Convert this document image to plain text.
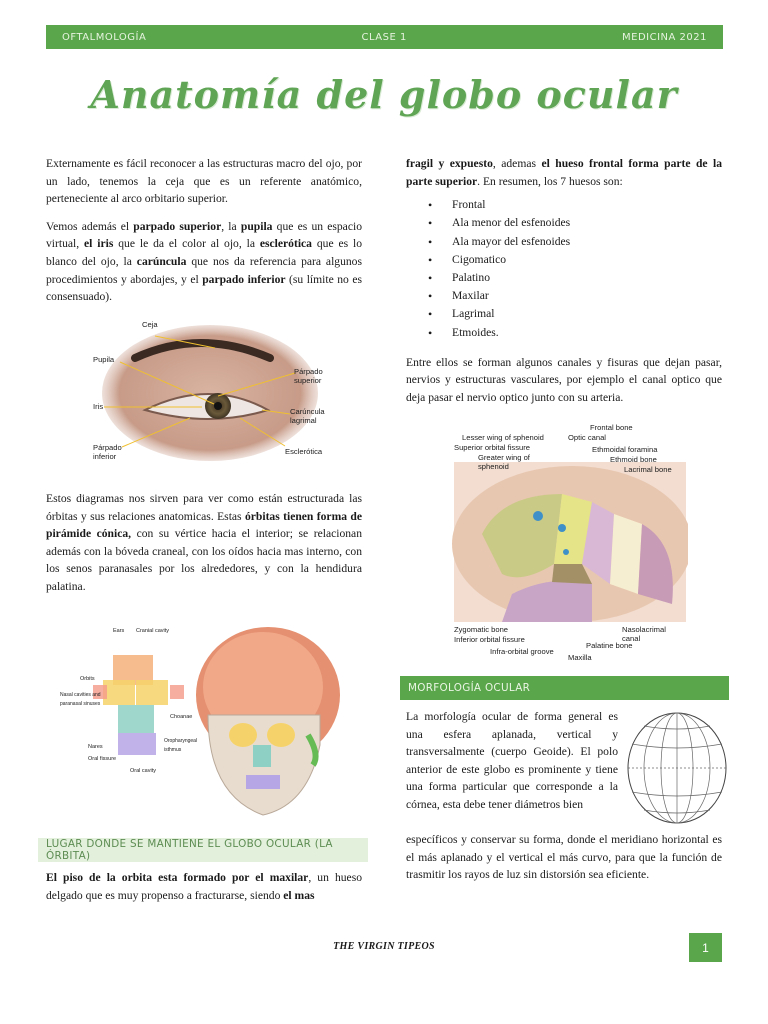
OFTALMOLOGÍA	CLASE 1	MEDICINA 2021
Anatomía del globo ocular

Externamente es fácil reconocer a las estructuras macro del ojo, por un lado, tenemos la ceja que es un referente anatómico, perteneciente al arco orbitario superior.

Vemos además el parpado superior, la pupila que es un espacio virtual, el iris que le da el color al ojo, la esclerótica que es lo blanco del ojo, la carúncula que nos da referencia para algunos procedimientos y abordajes, y el parpado inferior (su límite no es consensuado).

Ceja
Pupila
Iris
Párpado inferior
Párpado superior
Carúncula lagrimal
Esclerótica

Estos diagramas nos sirven para ver como están estructurada las órbitas y sus relaciones anatomicas. Estas órbitas tienen forma de pirámide cónica, con su vértice hacia el interior; se relacionan además con la bóveda craneal, con los oídos hacia mas interno, con los senos paranasales por los alrededores, y con la hendidura palatina.

Ears Cranial cavity
Orbits
Nasal cavities and paranasal sinuses
Choanae
Nares
Oral fissure
Oral cavity
Oropharyngeal isthmus
LUGAR DONDE SE MANTIENE EL GLOBO OCULAR (LA ÓRBITA)

El piso de la orbita esta formado por el maxilar, un hueso delgado que es muy propenso a fracturarse, siendo el mas

fragil y expuesto, ademas el hueso frontal forma parte de la parte superior. En resumen, los 7 huesos son:

• Frontal
• Ala menor del esfenoides
• Ala mayor del esfenoides
• Cigomatico
• Palatino
• Maxilar
• Lagrimal
• Etmoides.

Entre ellos se forman algunos canales y fisuras que dejan pasar, nervios y estructuras vasculares, por ejemplo el canal optico que deja pasar el nervio optico junto con su arteria.

Frontal bone
Lesser wing of sphenoid	Optic canal
Superior orbital fissure	Ethmoidal foramina
Greater wing of sphenoid
Ethmoid bone
Lacrimal bone
Zygomatic bone
Inferior orbital fissure
Infra-orbital groove
Maxilla
Palatine bone
Nasolacrimal canal
MORFOLOGÍA OCULAR
La morfología ocular de forma general es una esfera aplanada, vertical y transversalmente (cuerpo Geoide). El polo anterior de este globo es prominente y tiene una forma particular que corresponde a la córnea, esta debe tener diámetros bien
específicos y conservar su forma, donde el meridiano horizontal es el más aplanado y el vertical el más curvo, para que la función de trasmitir los rayos de luz sin distorsión sea eficiente.
THE VIRGIN TIPEOS	1
